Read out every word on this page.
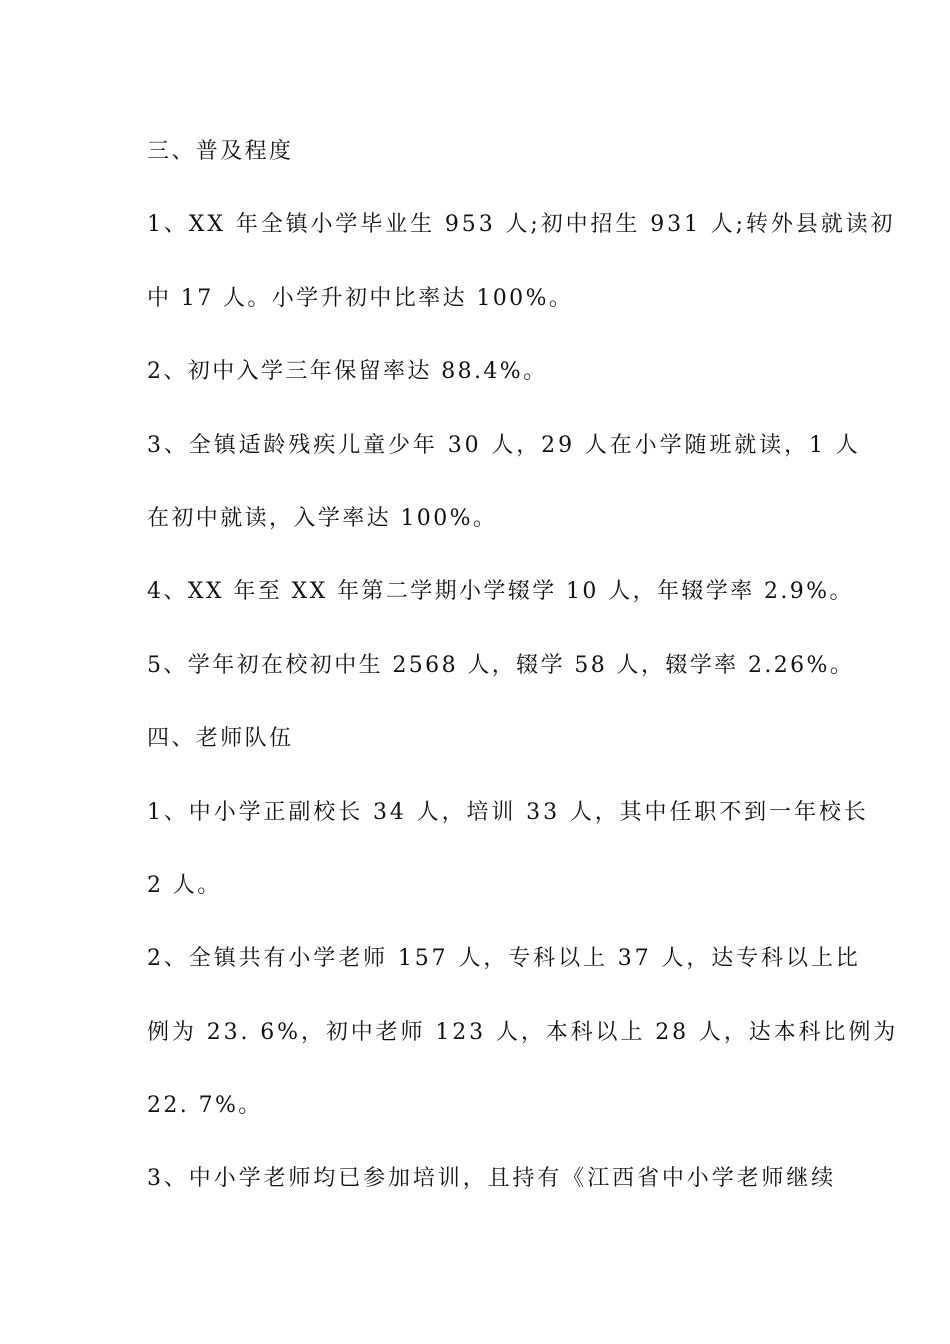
三、普及程度

1、XX 年全镇小学毕业生 953 人;初中招生 931 人;转外县就读初

中 17 人。小学升初中比率达 100%。

2、初中入学三年保留率达 88.4%。

3、全镇适龄残疾儿童少年 30 人，29 人在小学随班就读，1 人

在初中就读，入学率达 100%。

4、XX 年至 XX 年第二学期小学辍学 10 人，年辍学率 2.9%。

5、学年初在校初中生 2568 人，辍学 58 人，辍学率 2.26%。

四、老师队伍

1、中小学正副校长 34 人，培训 33 人，其中任职不到一年校长

2 人。

2、全镇共有小学老师 157 人，专科以上 37 人，达专科以上比

例为 23. 6%，初中老师 123 人，本科以上 28 人，达本科比例为

22. 7%。

3、中小学老师均已参加培训，且持有《江西省中小学老师继续
